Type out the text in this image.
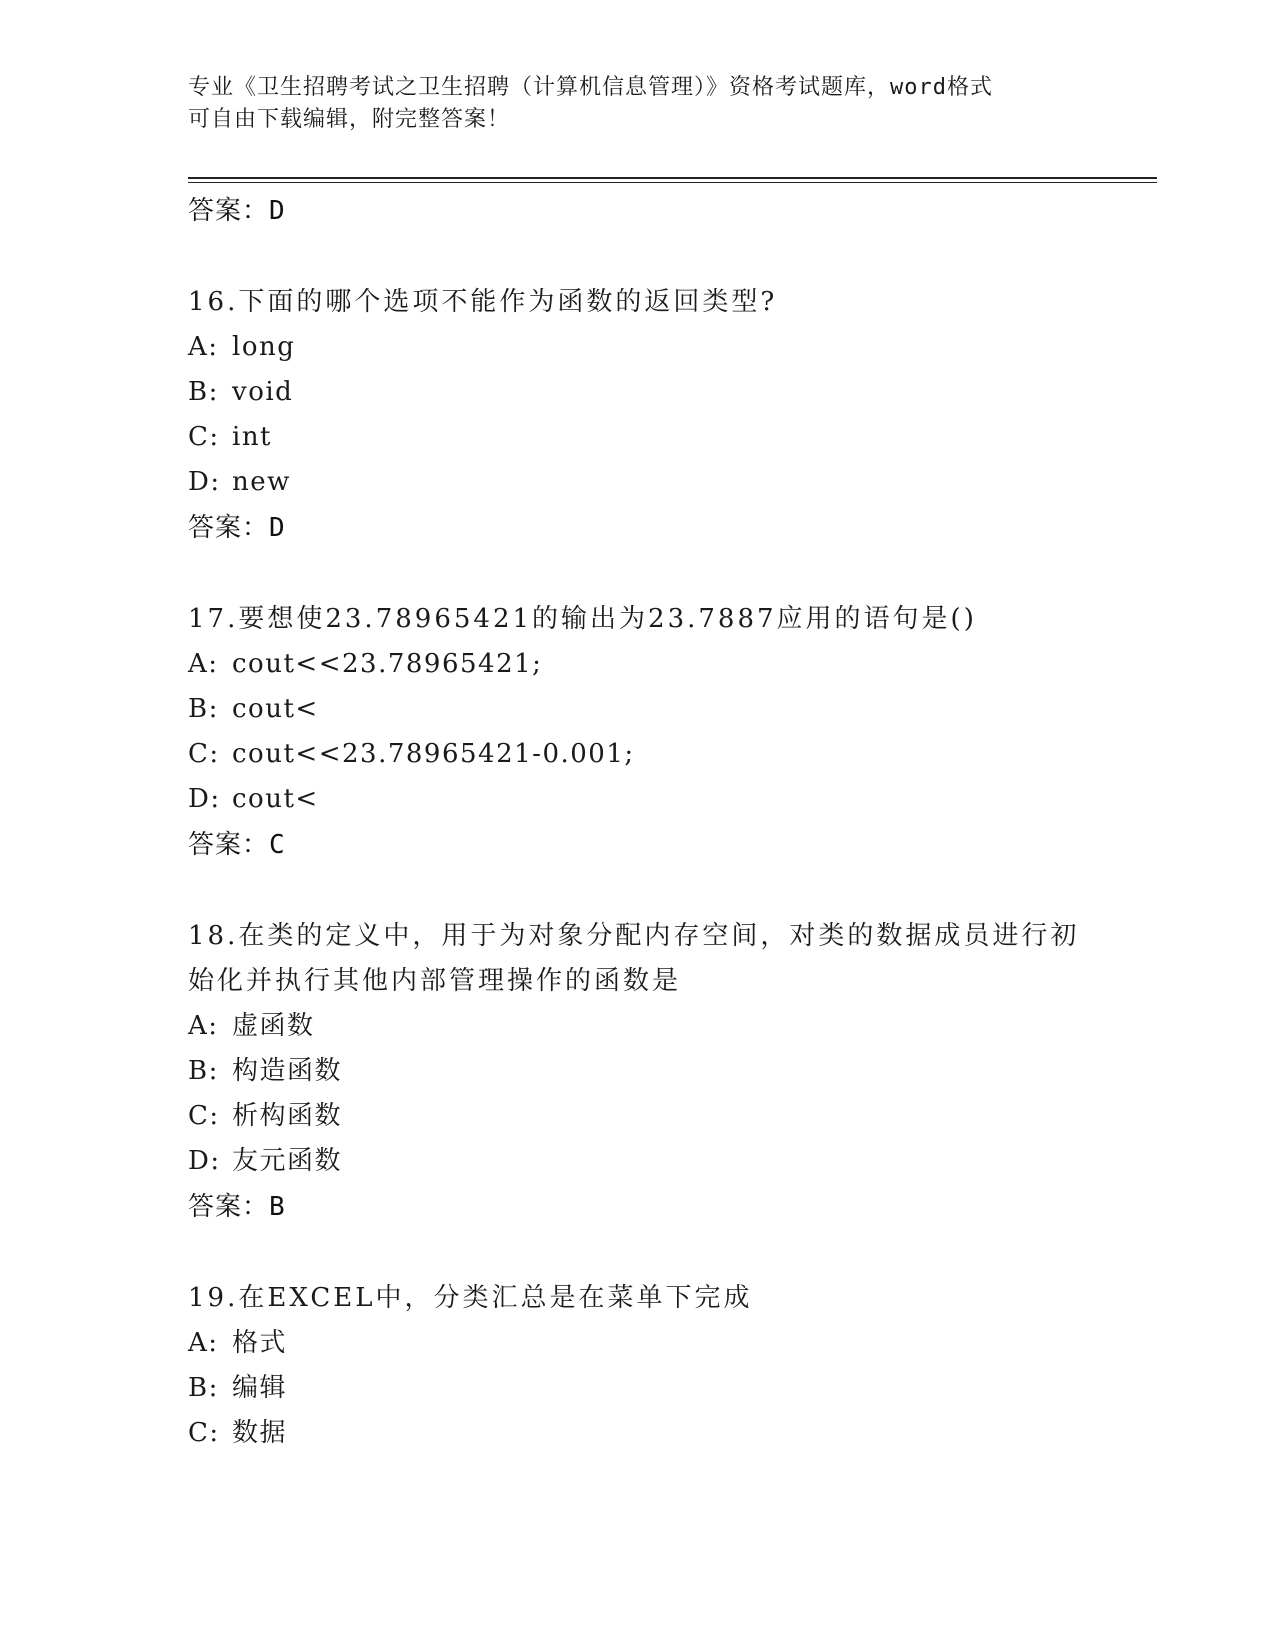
专业《卫生招聘考试之卫生招聘（计算机信息管理）》资格考试题库，word格式
可自由下载编辑，附完整答案！
答案：D
16.下面的哪个选项不能作为函数的返回类型?
A: long
B: void
C: int
D: new
答案：D
17.要想使23.78965421的输出为23.7887应用的语句是()
A: cout<<23.78965421;
B: cout<
C: cout<<23.78965421-0.001;
D: cout<
答案：C
18.在类的定义中，用于为对象分配内存空间，对类的数据成员进行初始化并执行其他内部管理操作的函数是
A: 虚函数
B: 构造函数
C: 析构函数
D: 友元函数
答案：B
19.在EXCEL中，分类汇总是在菜单下完成
A: 格式
B: 编辑
C: 数据
